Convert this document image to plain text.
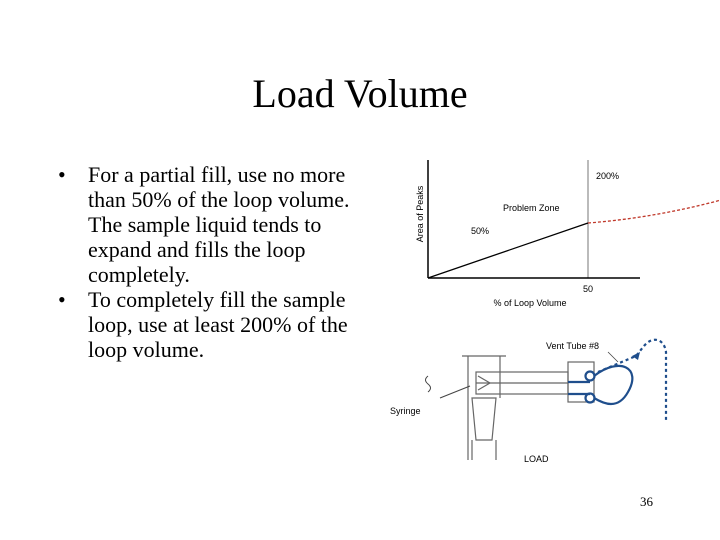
Load Volume
• For a partial fill, use no more than 50% of the loop volume. The sample liquid tends to expand and fills the loop completely.
• To completely fill the sample loop, use at least 200% of the loop volume.
50
% of Loop Volume
Area of Peaks
200%
Problem Zone
50%
Syringe
Vent Tube #8
LOAD
36
